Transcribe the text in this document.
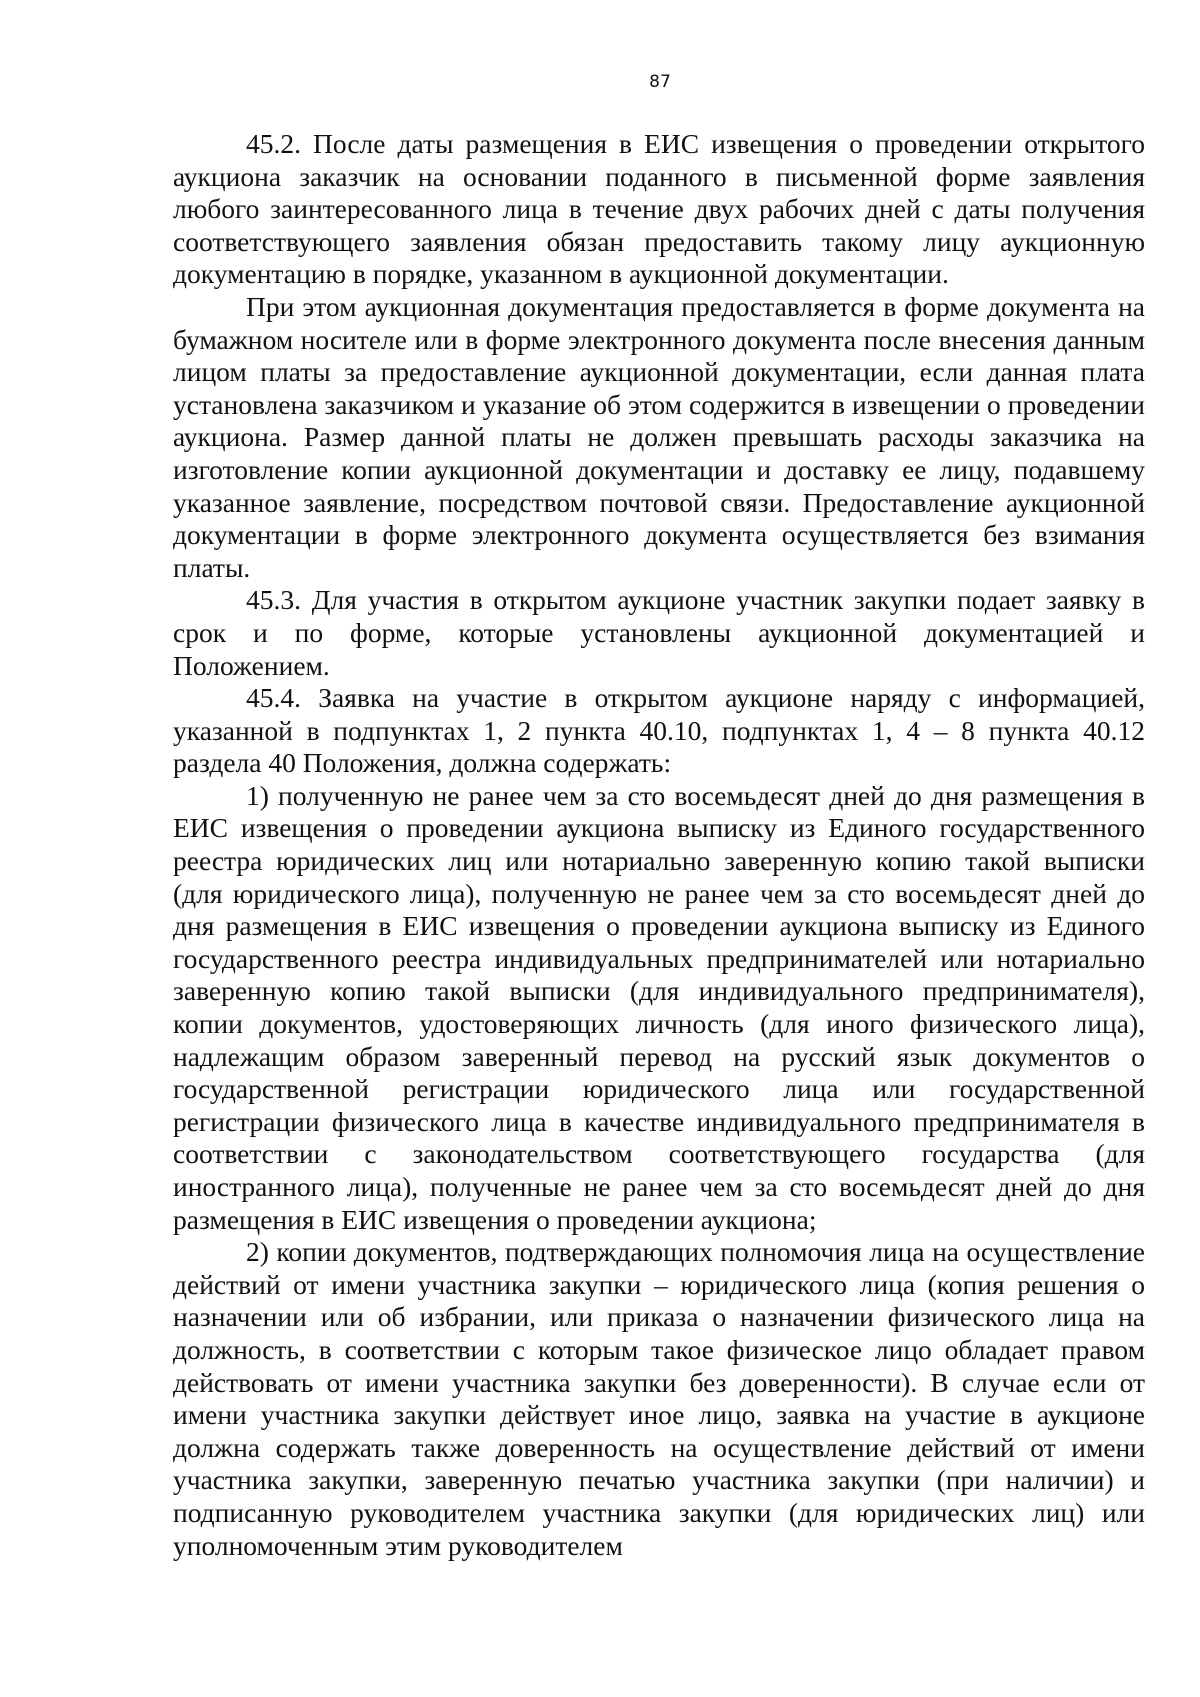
87

45.2. После даты размещения в ЕИС извещения о проведении открытого аукциона заказчик на основании поданного в письменной форме заявления любого заинтересованного лица в течение двух рабочих дней с даты получения соответствующего заявления обязан предоставить такому лицу аукционную документацию в порядке, указанном в аукционной документации.

При этом аукционная документация предоставляется в форме документа на бумажном носителе или в форме электронного документа после внесения данным лицом платы за предоставление аукционной документации, если данная плата установлена заказчиком и указание об этом содержится в извещении о проведении аукциона. Размер данной платы не должен превышать расходы заказчика на изготовление копии аукционной документации и доставку ее лицу, подавшему указанное заявление, посредством почтовой связи. Предоставление аукционной документации в форме электронного документа осуществляется без взимания платы.

45.3. Для участия в открытом аукционе участник закупки подает заявку в срок и по форме, которые установлены аукционной документацией и Положением.

45.4. Заявка на участие в открытом аукционе наряду с информацией, указанной в подпунктах 1, 2 пункта 40.10, подпунктах 1, 4 – 8 пункта 40.12 раздела 40 Положения, должна содержать:

1) полученную не ранее чем за сто восемьдесят дней до дня размещения в ЕИС извещения о проведении аукциона выписку из Единого государственного реестра юридических лиц или нотариально заверенную копию такой выписки (для юридического лица), полученную не ранее чем за сто восемьдесят дней до дня размещения в ЕИС извещения о проведении аукциона выписку из Единого государственного реестра индивидуальных предпринимателей или нотариально заверенную копию такой выписки (для индивидуального предпринимателя), копии документов, удостоверяющих личность (для иного физического лица), надлежащим образом заверенный перевод на русский язык документов о государственной регистрации юридического лица или государственной регистрации физического лица в качестве индивидуального предпринимателя в соответствии с законодательством соответствующего государства (для иностранного лица), полученные не ранее чем за сто восемьдесят дней до дня размещения в ЕИС извещения о проведении аукциона;

2) копии документов, подтверждающих полномочия лица на осуществление действий от имени участника закупки – юридического лица (копия решения о назначении или об избрании, или приказа о назначении физического лица на должность, в соответствии с которым такое физическое лицо обладает правом действовать от имени участника закупки без доверенности). В случае если от имени участника закупки действует иное лицо, заявка на участие в аукционе должна содержать также доверенность на осуществление действий от имени участника закупки, заверенную печатью участника закупки (при наличии) и подписанную руководителем участника закупки (для юридических лиц) или уполномоченным этим руководителем
